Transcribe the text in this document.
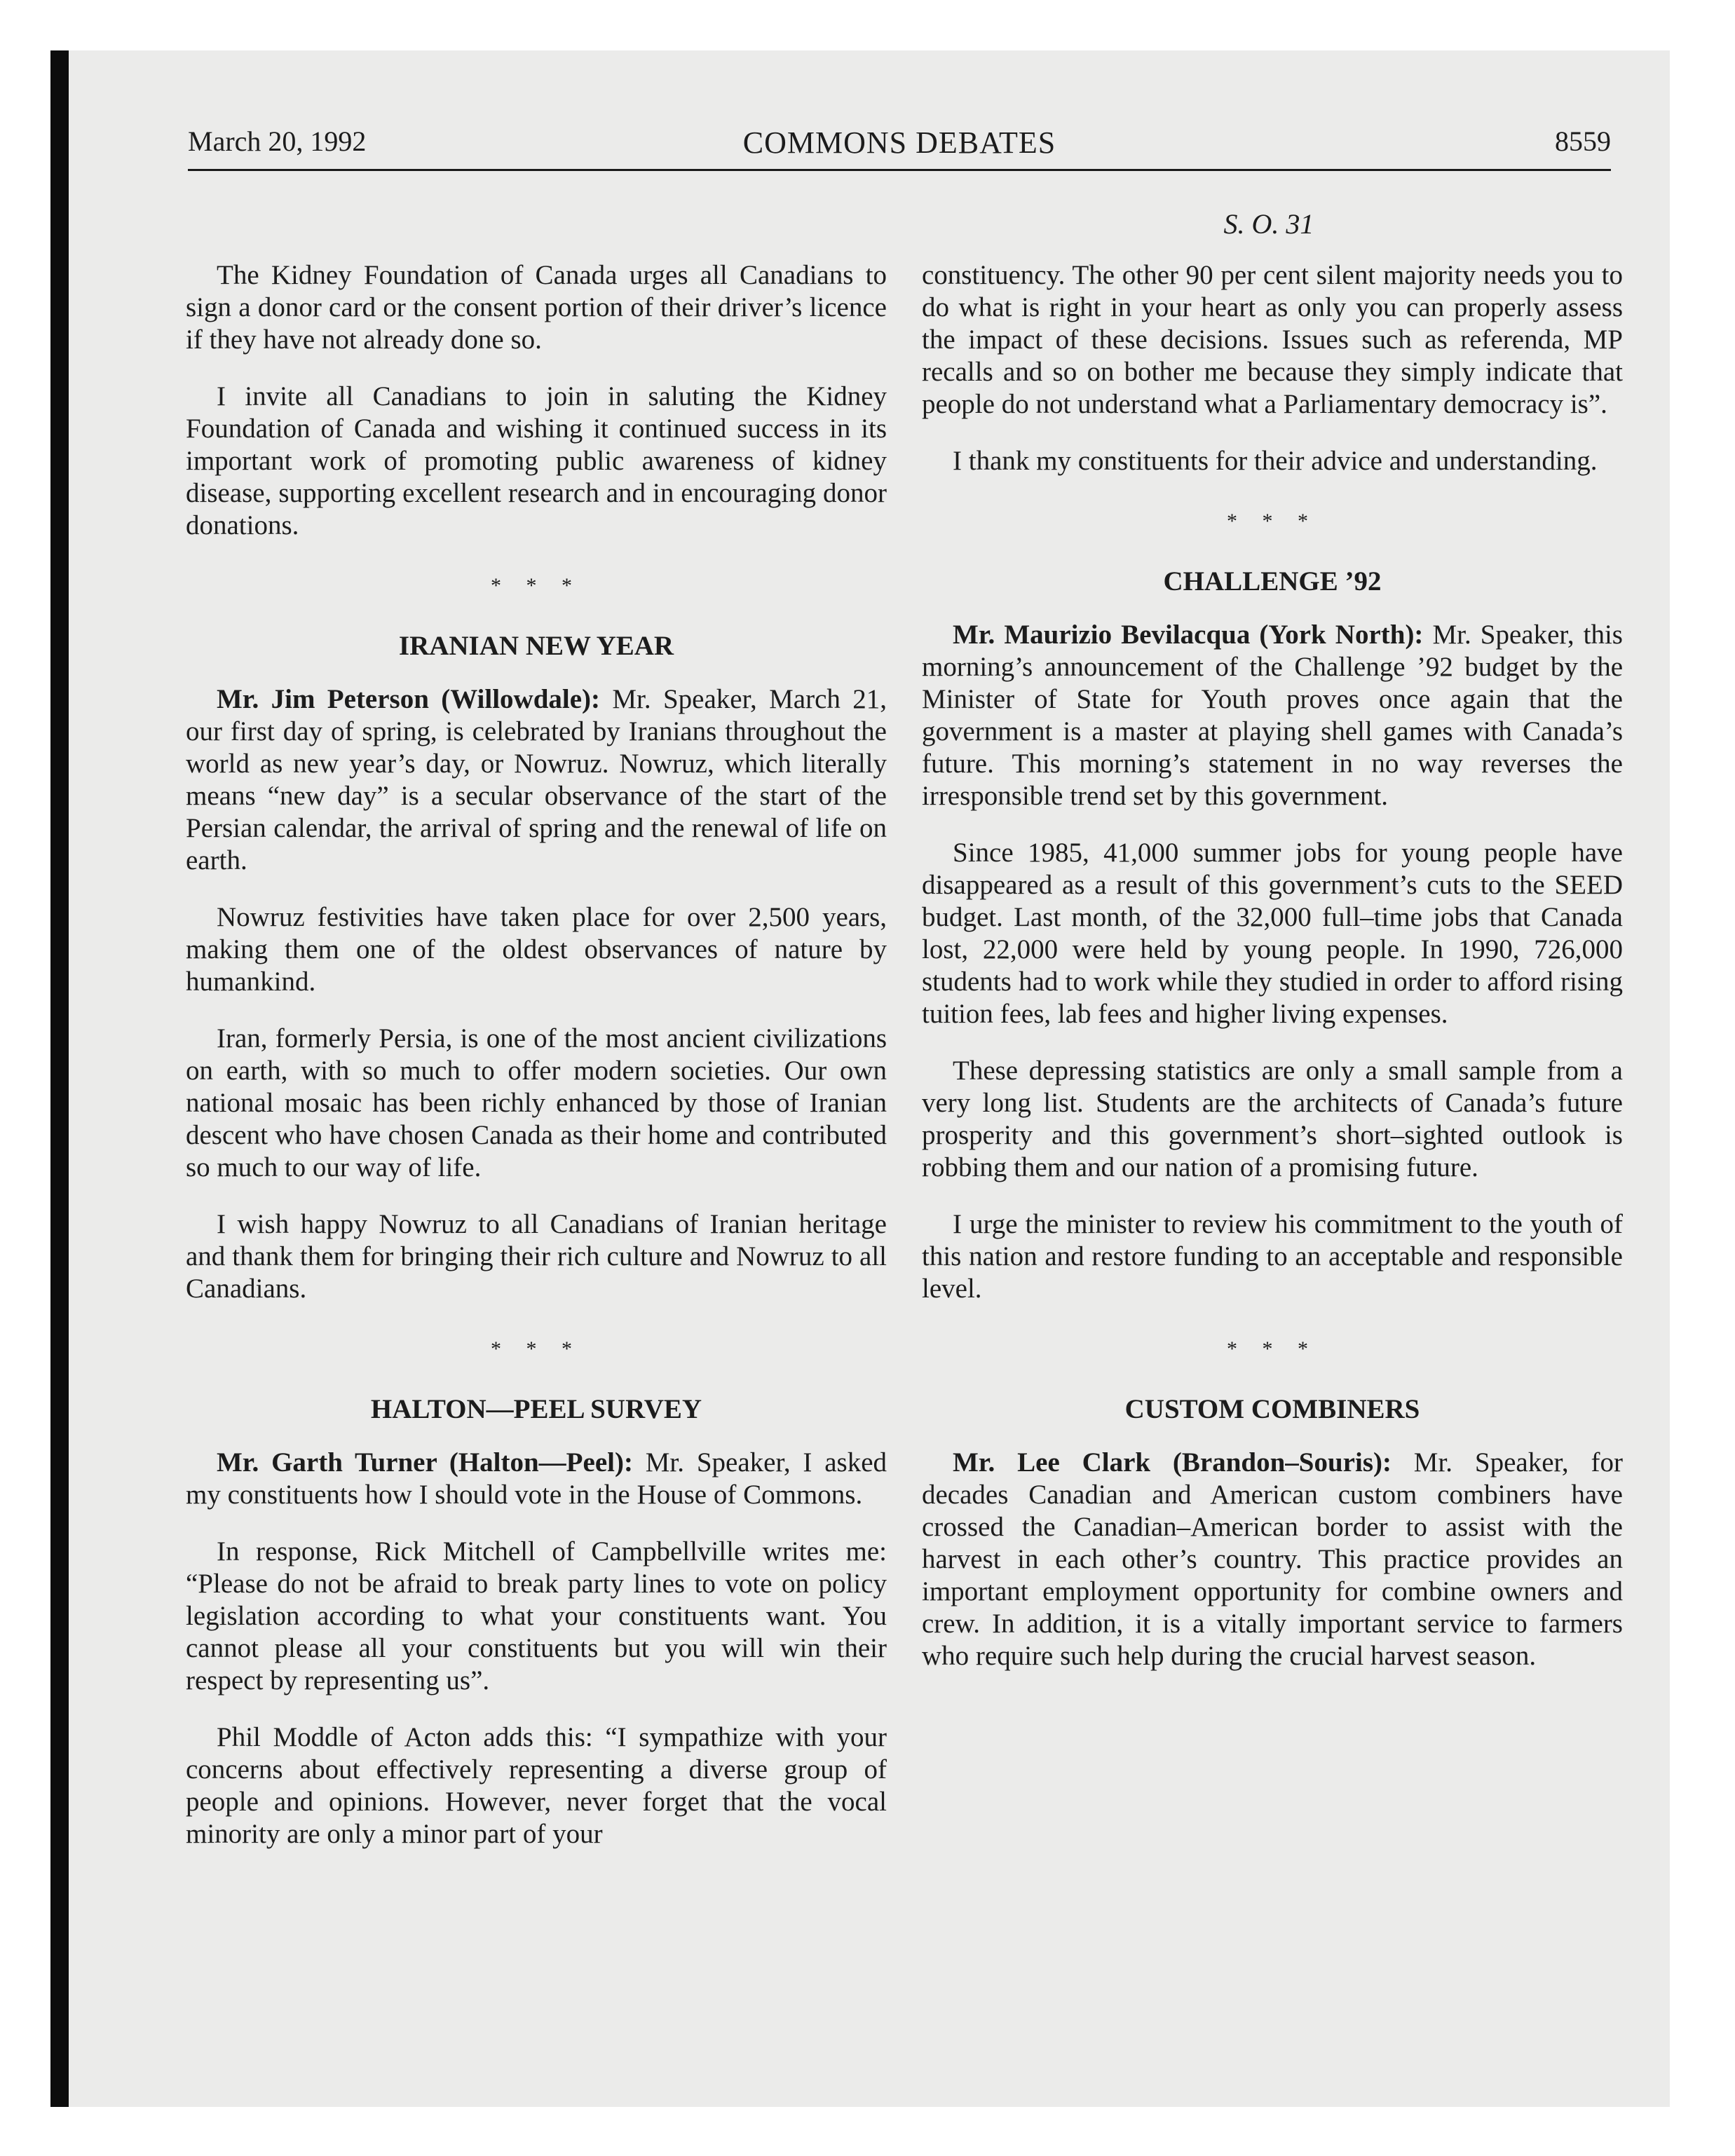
March 20, 1992	COMMONS DEBATES	8559
S. O. 31

The Kidney Foundation of Canada urges all Canadians to sign a donor card or the consent portion of their driver’s licence if they have not already done so.

I invite all Canadians to join in saluting the Kidney Foundation of Canada and wishing it continued success in its important work of promoting public awareness of kidney disease, supporting excellent research and in encouraging donor donations.

* * *
IRANIAN NEW YEAR

Mr. Jim Peterson (Willowdale): Mr. Speaker, March 21, our first day of spring, is celebrated by Iranians throughout the world as new year’s day, or Nowruz. Nowruz, which literally means “new day” is a secular observance of the start of the Persian calendar, the arrival of spring and the renewal of life on earth.

Nowruz festivities have taken place for over 2,500 years, making them one of the oldest observances of nature by humankind.

Iran, formerly Persia, is one of the most ancient civilizations on earth, with so much to offer modern societies. Our own national mosaic has been richly enhanced by those of Iranian descent who have chosen Canada as their home and contributed so much to our way of life.

I wish happy Nowruz to all Canadians of Iranian heritage and thank them for bringing their rich culture and Nowruz to all Canadians.

* * *
HALTON—PEEL SURVEY

Mr. Garth Turner (Halton—Peel): Mr. Speaker, I asked my constituents how I should vote in the House of Commons.

In response, Rick Mitchell of Campbellville writes me: “Please do not be afraid to break party lines to vote on policy legislation according to what your constituents want. You cannot please all your constituents but you will win their respect by representing us”.

Phil Moddle of Acton adds this: “I sympathize with your concerns about effectively representing a diverse group of people and opinions. However, never forget that the vocal minority are only a minor part of your

constituency. The other 90 per cent silent majority needs you to do what is right in your heart as only you can properly assess the impact of these decisions. Issues such as referenda, MP recalls and so on bother me because they simply indicate that people do not understand what a Parliamentary democracy is”.

I thank my constituents for their advice and understanding.

* * *
CHALLENGE ’92

Mr. Maurizio Bevilacqua (York North): Mr. Speaker, this morning’s announcement of the Challenge ’92 budget by the Minister of State for Youth proves once again that the government is a master at playing shell games with Canada’s future. This morning’s statement in no way reverses the irresponsible trend set by this government.

Since 1985, 41,000 summer jobs for young people have disappeared as a result of this government’s cuts to the SEED budget. Last month, of the 32,000 full–time jobs that Canada lost, 22,000 were held by young people. In 1990, 726,000 students had to work while they studied in order to afford rising tuition fees, lab fees and higher living expenses.

These depressing statistics are only a small sample from a very long list. Students are the architects of Canada’s future prosperity and this government’s short–sighted outlook is robbing them and our nation of a promising future.

I urge the minister to review his commitment to the youth of this nation and restore funding to an acceptable and responsible level.

* * *
CUSTOM COMBINERS

Mr. Lee Clark (Brandon–Souris): Mr. Speaker, for decades Canadian and American custom combiners have crossed the Canadian–American border to assist with the harvest in each other’s country. This practice provides an important employment opportunity for combine owners and crew. In addition, it is a vitally important service to farmers who require such help during the crucial harvest season.
